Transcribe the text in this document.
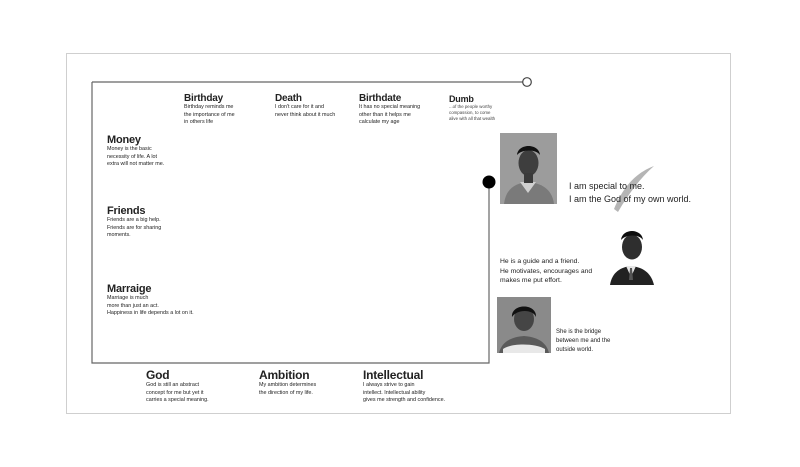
Birthday
Birthday reminds me
the importance of me
in others life
Death
I don't care for it and
never think about it much
Birthdate
It has no special meaning
other than it helps me
calculate my age
Dumb
...of the people worthy
compassion, to come
alive with all that wealth
Money
Money is the basic
necessity of life. A lot
extra will not matter me.
Friends
Friends are a big help.
Friends are for sharing
moments.
Marraige
Marriage is much
more than just an act.
Happiness in life depends a lot on it.
God
God is still an abstract
concept for me but yet it
carries a special meaning.
Ambition
My ambition determines
the direction of my life.
Intellectual
I always strive to gain
intellect. Intellectual ability
gives me strength and confidence.
I am special to me.
I am the God of my own world.
He is a guide and a friend.
He motivates, encourages and
makes me put effort.
She is the bridge
between me and the
outside world.
